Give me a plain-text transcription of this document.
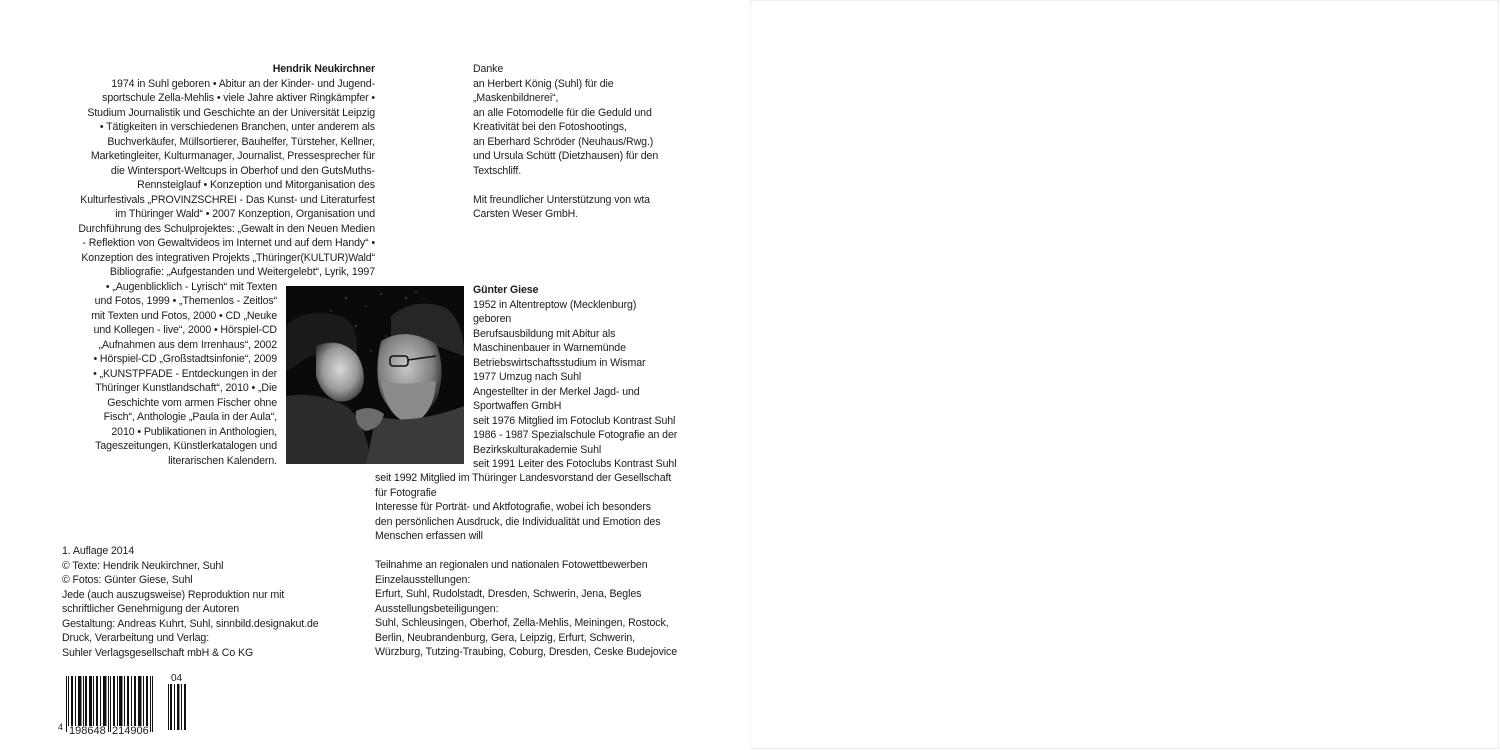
Hendrik Neukirchner
1974 in Suhl geboren • Abitur an der Kinder- und Jugend-
sportschule Zella-Mehlis • viele Jahre aktiver Ringkämpfer •
Studium Journalistik und Geschichte an der Universität Leipzig
• Tätigkeiten in verschiedenen Branchen, unter anderem als
Buchverkäufer, Müllsortierer, Bauhelfer, Türsteher, Kellner,
Marketingleiter, Kulturmanager, Journalist, Pressesprecher für
die Wintersport-Weltcups in Oberhof und den GutsMuths-
Rennsteiglauf • Konzeption und Mitorganisation des
Kulturfestivals „PROVINZSCHREI - Das Kunst- und Literaturfest
im Thüringer Wald“ • 2007 Konzeption, Organisation und
Durchführung des Schulprojektes: „Gewalt in den Neuen Medien
- Reflektion von Gewaltvideos im Internet und auf dem Handy“ •
Konzeption des integrativen Projekts „Thüringer(KULTUR)Wald“
Bibliografie: „Aufgestanden und Weitergelebt“, Lyrik, 1997
• „Augenblicklich - Lyrisch“ mit Texten
und Fotos, 1999 • „Themenlos - Zeitlos“
mit Texten und Fotos, 2000 • CD „Neuke
und Kollegen - live“, 2000 • Hörspiel-CD
„Aufnahmen aus dem Irrenhaus“, 2002
• Hörspiel-CD „Großstadtsinfonie“, 2009
• „KUNSTPFADE - Entdeckungen in der
Thüringer Kunstlandschaft“, 2010 • „Die
Geschichte vom armen Fischer ohne
Fisch“, Anthologie „Paula in der Aula“,
2010 • Publikationen in Anthologien,
Tageszeitungen, Künstlerkatalogen und
literarischen Kalendern.
Danke
an Herbert König (Suhl) für die
„Maskenbildnerei“,
an alle Fotomodelle für die Geduld und
Kreativität bei den Fotoshootings,
an Eberhard Schröder (Neuhaus/Rwg.)
und Ursula Schütt (Dietzhausen) für den
Textschliff.

Mit freundlicher Unterstützung von wta
Carsten Weser GmbH.
Günter Giese
1952 in Altentreptow (Mecklenburg)
geboren
Berufsausbildung mit Abitur als
Maschinenbauer in Warnemünde
Betriebswirtschaftsstudium in Wismar
1977 Umzug nach Suhl
Angestellter in der Merkel Jagd- und
Sportwaffen GmbH
seit 1976 Mitglied im Fotoclub Kontrast Suhl
1986 - 1987 Spezialschule Fotografie an der
Bezirkskulturakademie Suhl
seit 1991 Leiter des Fotoclubs Kontrast Suhl
seit 1992 Mitglied im Thüringer Landesvorstand der Gesellschaft
für Fotografie
Interesse für Porträt- und Aktfotografie, wobei ich besonders
den persönlichen Ausdruck, die Individualität und Emotion des
Menschen erfassen will
Teilnahme an regionalen und nationalen Fotowettbewerben
Einzelausstellungen:
Erfurt, Suhl, Rudolstadt, Dresden, Schwerin, Jena, Begles
Ausstellungsbeteiligungen:
Suhl, Schleusingen, Oberhof, Zella-Mehlis, Meiningen, Rostock,
Berlin, Neubrandenburg, Gera, Leipzig, Erfurt, Schwerin,
Würzburg, Tutzing-Traubing, Coburg, Dresden, Ceske Budejovice
1. Auflage 2014
© Texte: Hendrik Neukirchner, Suhl
© Fotos: Günter Giese, Suhl
Jede (auch auszugsweise) Reproduktion nur mit
schriftlicher Genehmigung der Autoren
Gestaltung: Andreas Kuhrt, Suhl, sinnbild.designakut.de
Druck, Verarbeitung und Verlag:
Suhler Verlagsgesellschaft mbH & Co KG
4 198648 214906
04
